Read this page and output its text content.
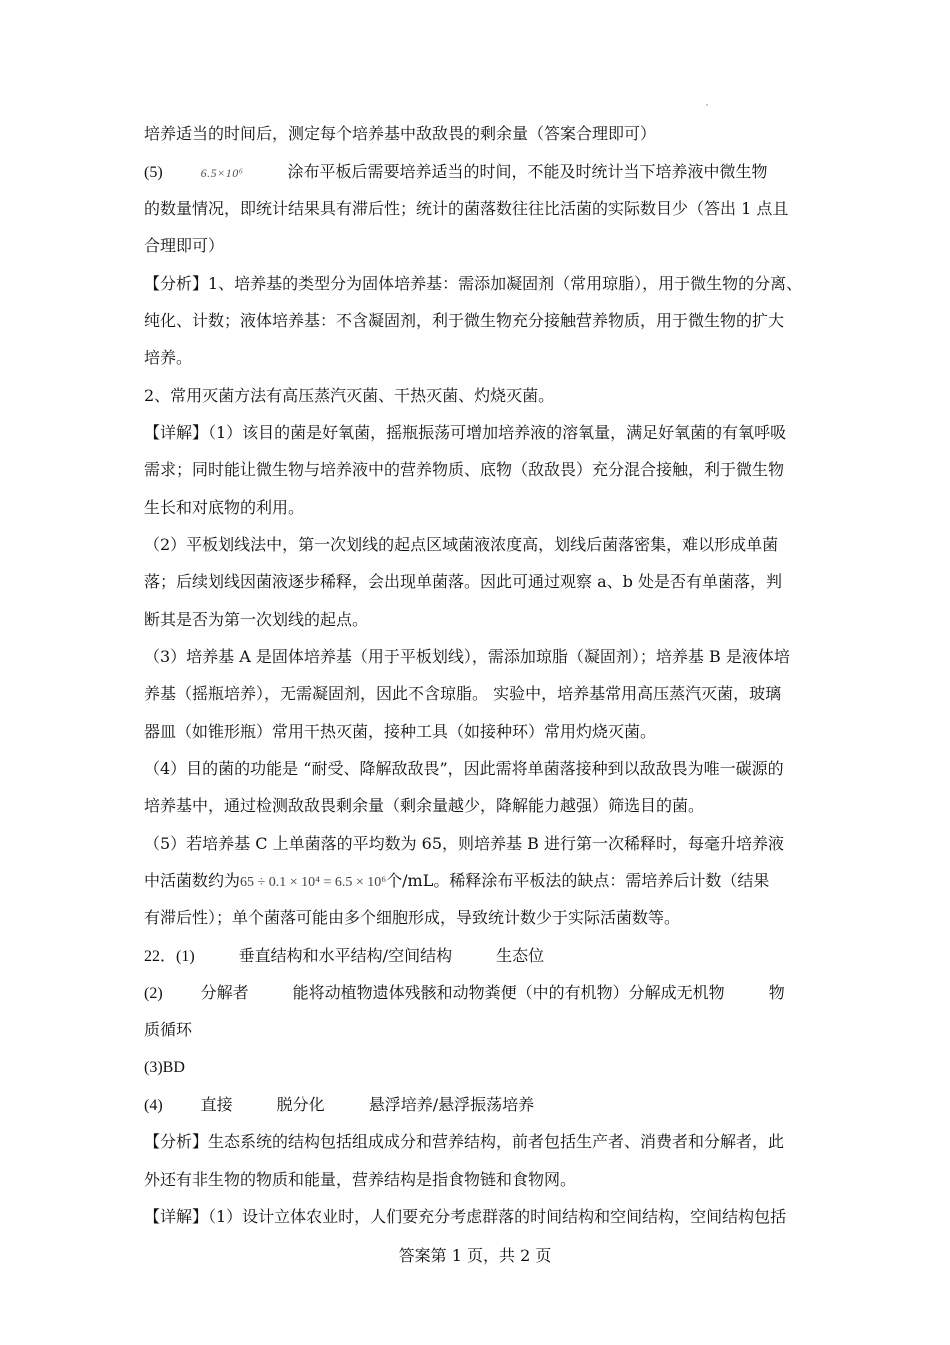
培养适当的时间后，测定每个培养基中敌敌畏的剩余量（答案合理即可）
(5)	6.5×10⁶	涂布平板后需要培养适当的时间，不能及时统计当下培养液中微生物
的数量情况，即统计结果具有滞后性；统计的菌落数往往比活菌的实际数目少（答出 1 点且
合理即可）
【分析】1、培养基的类型分为固体培养基：需添加凝固剂（常用琼脂），用于微生物的分离、
纯化、计数；液体培养基：不含凝固剂，利于微生物充分接触营养物质，用于微生物的扩大
培养。
2、常用灭菌方法有高压蒸汽灭菌、干热灭菌、灼烧灭菌。
【详解】（1）该目的菌是好氧菌，摇瓶振荡可增加培养液的溶氧量，满足好氧菌的有氧呼吸
需求；同时能让微生物与培养液中的营养物质、底物（敌敌畏）充分混合接触，利于微生物
生长和对底物的利用。
（2）平板划线法中，第一次划线的起点区域菌液浓度高，划线后菌落密集，难以形成单菌
落；后续划线因菌液逐步稀释，会出现单菌落。因此可通过观察 a、b 处是否有单菌落，判
断其是否为第一次划线的起点。
（3）培养基 A 是固体培养基（用于平板划线），需添加琼脂（凝固剂）；培养基 B 是液体培
养基（摇瓶培养），无需凝固剂，因此不含琼脂。 实验中，培养基常用高压蒸汽灭菌，玻璃
器皿（如锥形瓶）常用干热灭菌，接种工具（如接种环）常用灼烧灭菌。
（4）目的菌的功能是 “耐受、降解敌敌畏”，因此需将单菌落接种到以敌敌畏为唯一碳源的
培养基中，通过检测敌敌畏剩余量（剩余量越少，降解能力越强）筛选目的菌。
（5）若培养基 C 上单菌落的平均数为 65，则培养基 B 进行第一次稀释时，每毫升培养液
中活菌数约为65 ÷ 0.1 × 10⁴ = 6.5 × 10⁶个/mL。稀释涂布平板法的缺点：需培养后计数（结果
有滞后性）；单个菌落可能由多个细胞形成，导致统计数少于实际活菌数等。
22．(1)	垂直结构和水平结构/空间结构	生态位
(2) 分解者	能将动植物遗体残骸和动物粪便（中的有机物）分解成无机物	物
质循环
(3)BD
(4) 直接	脱分化	悬浮培养/悬浮振荡培养
【分析】生态系统的结构包括组成成分和营养结构，前者包括生产者、消费者和分解者，此
外还有非生物的物质和能量，营养结构是指食物链和食物网。
【详解】（1）设计立体农业时，人们要充分考虑群落的时间结构和空间结构，空间结构包括
答案第 1 页，共 2 页
